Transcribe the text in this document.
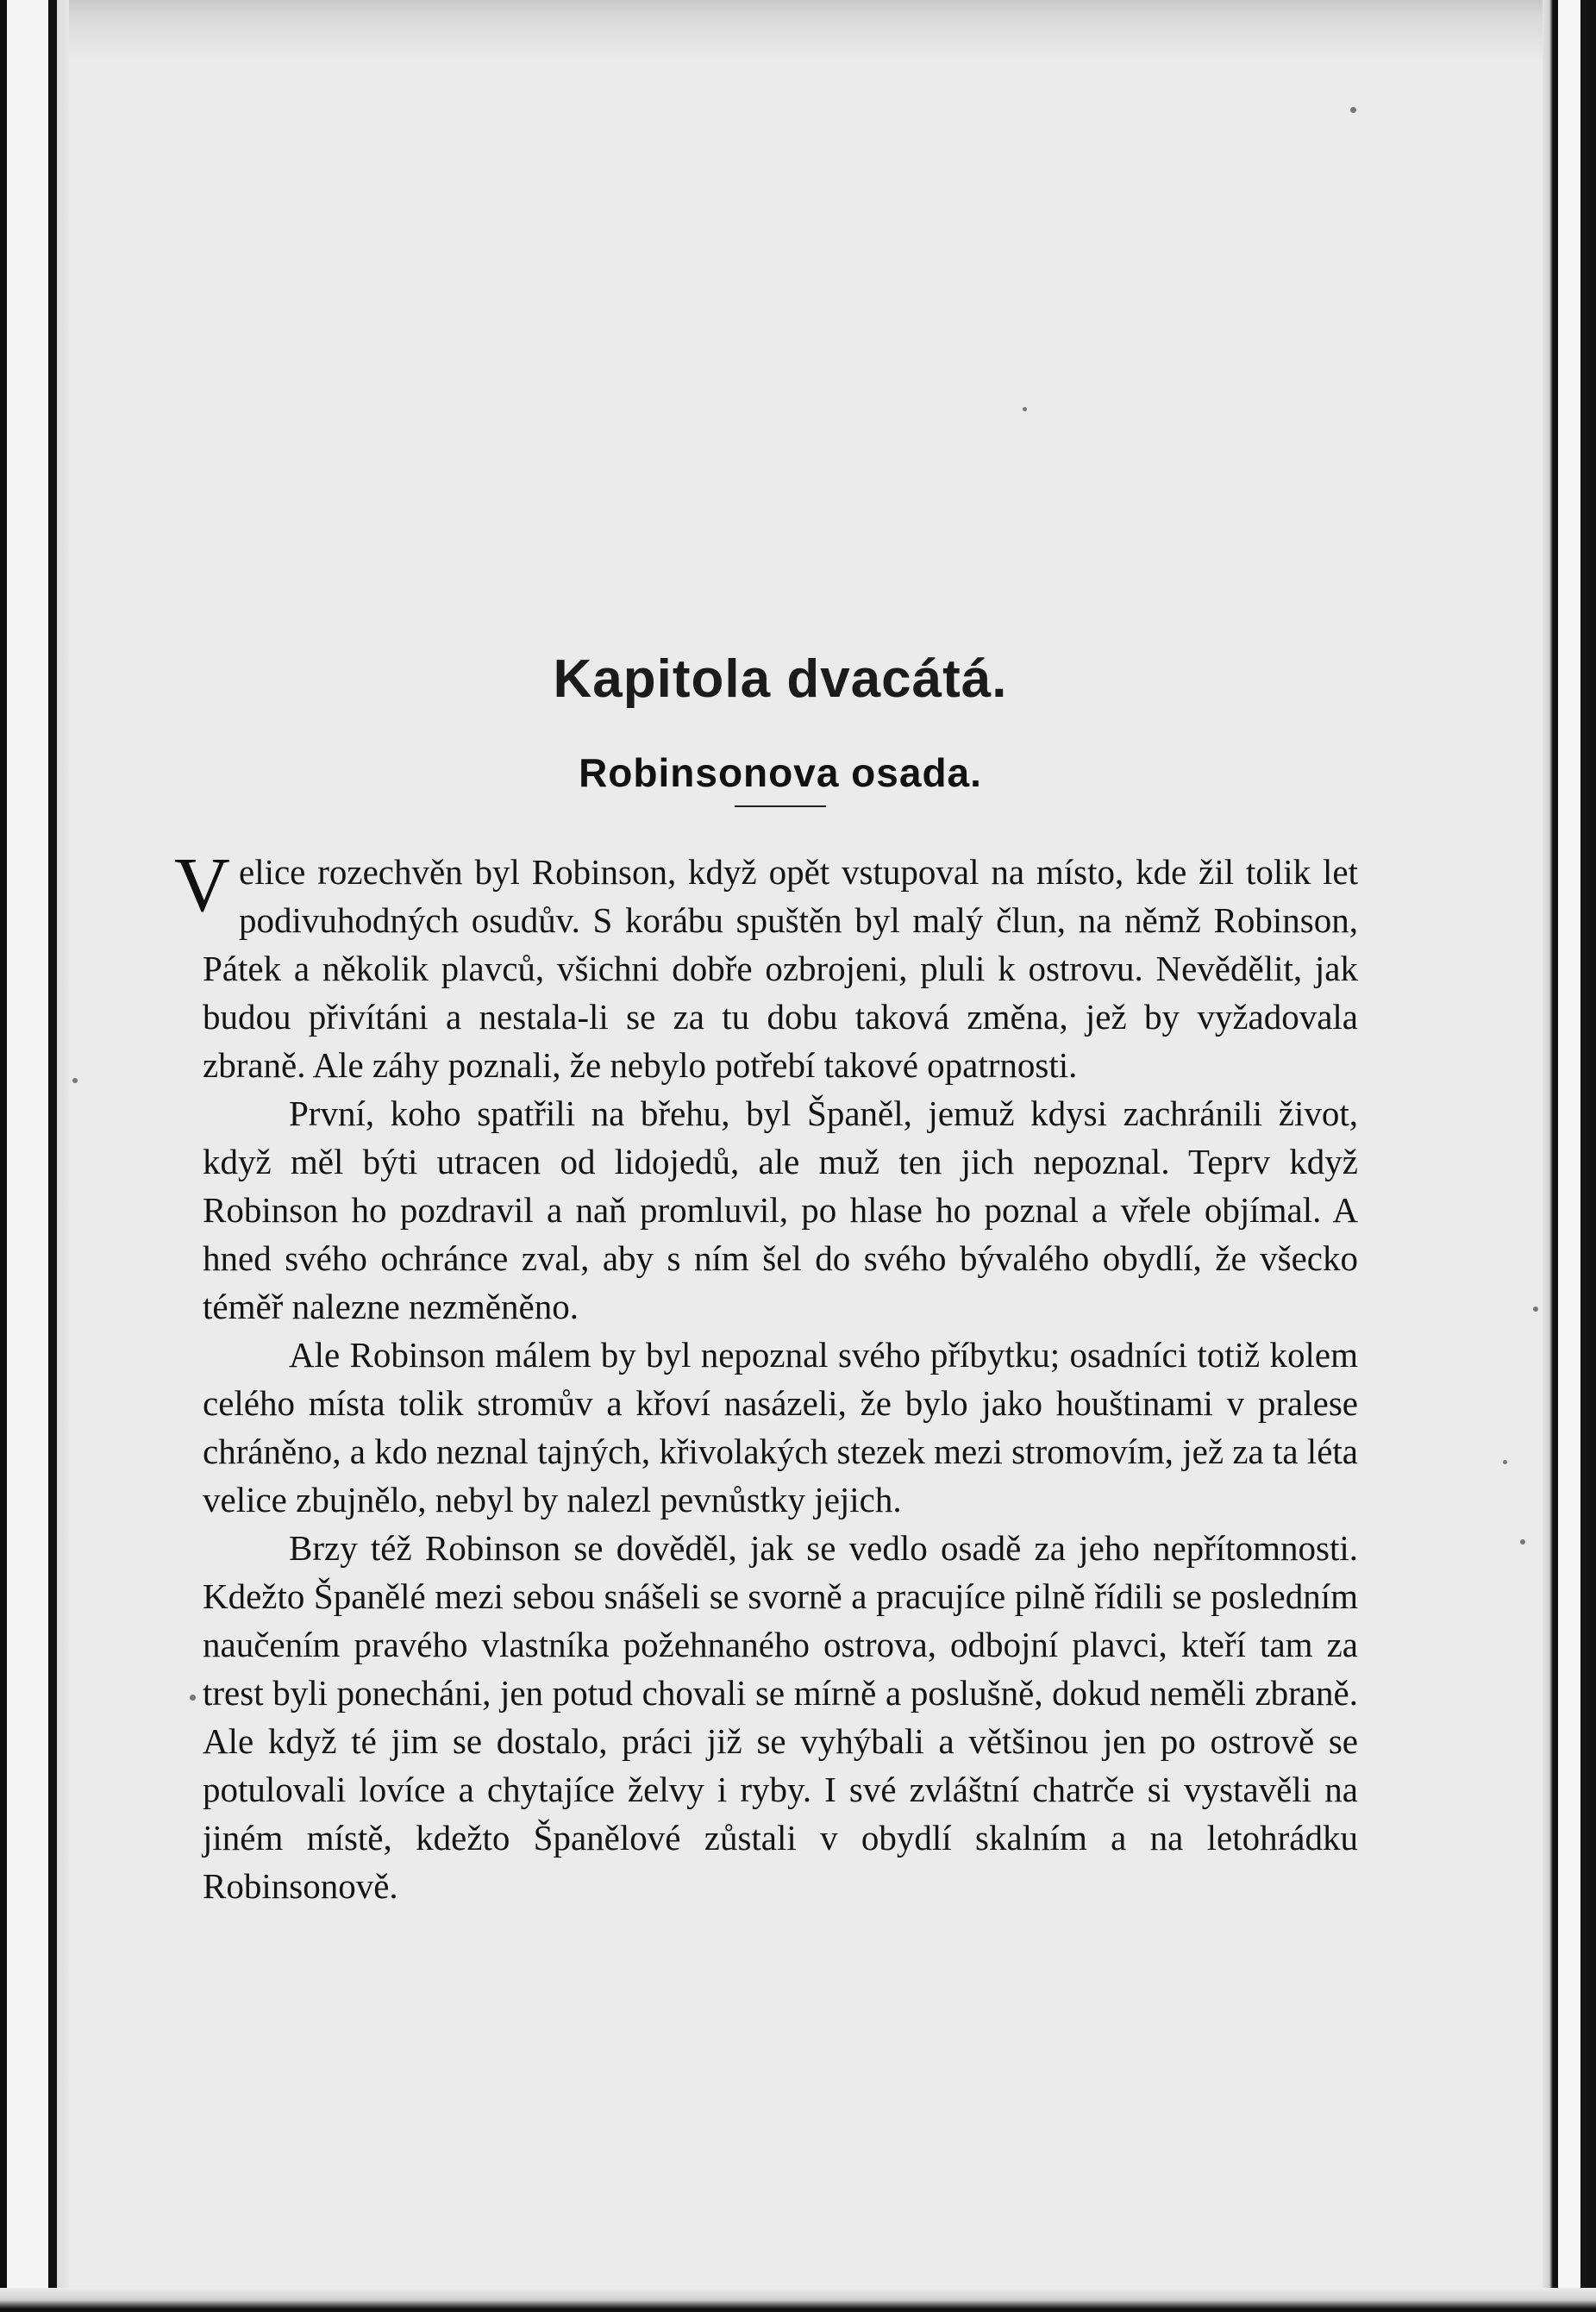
Kapitola dvacátá.
Robinsonova osada.

Velice rozechvěn byl Robinson, když opět vstupoval na místo, kde žil tolik let podivuhodných osudův. S korábu spuštěn byl malý člun, na němž Robinson, Pátek a několik plavců, všichni dobře ozbrojeni, pluli k ostrovu. Nevědělit, jak budou přivítáni a nestala-li se za tu dobu taková změna, jež by vyžadovala zbraně. Ale záhy poznali, že nebylo potřebí takové opatrnosti.

První, koho spatřili na břehu, byl Španěl, jemuž kdysi zachránili život, když měl býti utracen od lidojedů, ale muž ten jich nepoznal. Teprv když Robinson ho pozdravil a naň promluvil, po hlase ho poznal a vřele objímal. A hned svého ochránce zval, aby s ním šel do svého bývalého obydlí, že všecko téměř nalezne nezměněno.

Ale Robinson málem by byl nepoznal svého příbytku; osadníci totiž kolem celého místa tolik stromův a křoví nasázeli, že bylo jako houštinami v pralese chráněno, a kdo neznal tajných, křivolakých stezek mezi stromovím, jež za ta léta velice zbujnělo, nebyl by nalezl pevnůstky jejich.

Brzy též Robinson se dověděl, jak se vedlo osadě za jeho nepřítomnosti. Kdežto Španělé mezi sebou snášeli se svorně a pracujíce pilně řídili se posledním naučením pravého vlastníka požehnaného ostrova, odbojní plavci, kteří tam za trest byli ponecháni, jen potud chovali se mírně a poslušně, dokud neměli zbraně. Ale když té jim se dostalo, práci již se vyhýbali a většinou jen po ostrově se potulovali lovíce a chytajíce želvy i ryby. I své zvláštní chatrče si vystavěli na jiném místě, kdežto Španělové zůstali v obydlí skalním a na letohrádku Robinsonově.
